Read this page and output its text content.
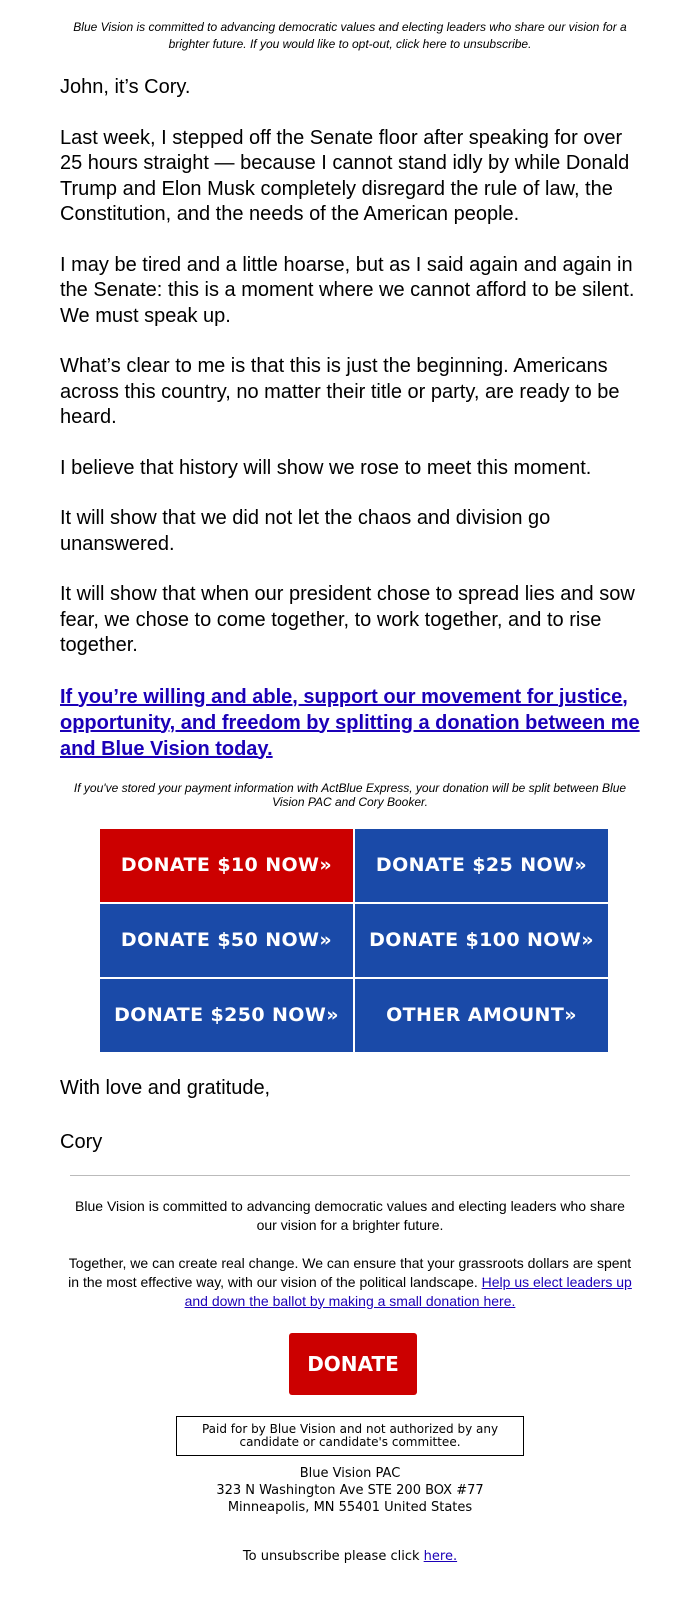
Blue Vision is committed to advancing democratic values and electing leaders who share our vision for a brighter future. If you would like to opt-out, click here to unsubscribe.

John, it’s Cory.

Last week, I stepped off the Senate floor after speaking for over 25 hours straight — because I cannot stand idly by while Donald Trump and Elon Musk completely disregard the rule of law, the Constitution, and the needs of the American people.

I may be tired and a little hoarse, but as I said again and again in the Senate: this is a moment where we cannot afford to be silent. We must speak up.

What’s clear to me is that this is just the beginning. Americans across this country, no matter their title or party, are ready to be heard.

I believe that history will show we rose to meet this moment.

It will show that we did not let the chaos and division go unanswered.

It will show that when our president chose to spread lies and sow fear, we chose to come together, to work together, and to rise together.

If you’re willing and able, support our movement for justice, opportunity, and freedom by splitting a donation between me and Blue Vision today.
If you've stored your payment information with ActBlue Express, your donation will be split between Blue Vision PAC and Cory Booker.
DONATE $10 NOW»	DONATE $25 NOW»
DONATE $50 NOW»	DONATE $100 NOW»
DONATE $250 NOW»	OTHER AMOUNT»
With love and gratitude,
Cory
Blue Vision is committed to advancing democratic values and electing leaders who share our vision for a brighter future.
Together, we can create real change. We can ensure that your grassroots dollars are spent in the most effective way, with our vision of the political landscape. Help us elect leaders up and down the ballot by making a small donation here.
DONATE
Paid for by Blue Vision and not authorized by any candidate or candidate's committee.
Blue Vision PAC
323 N Washington Ave STE 200 BOX #77
Minneapolis, MN 55401 United States
To unsubscribe please click here.
